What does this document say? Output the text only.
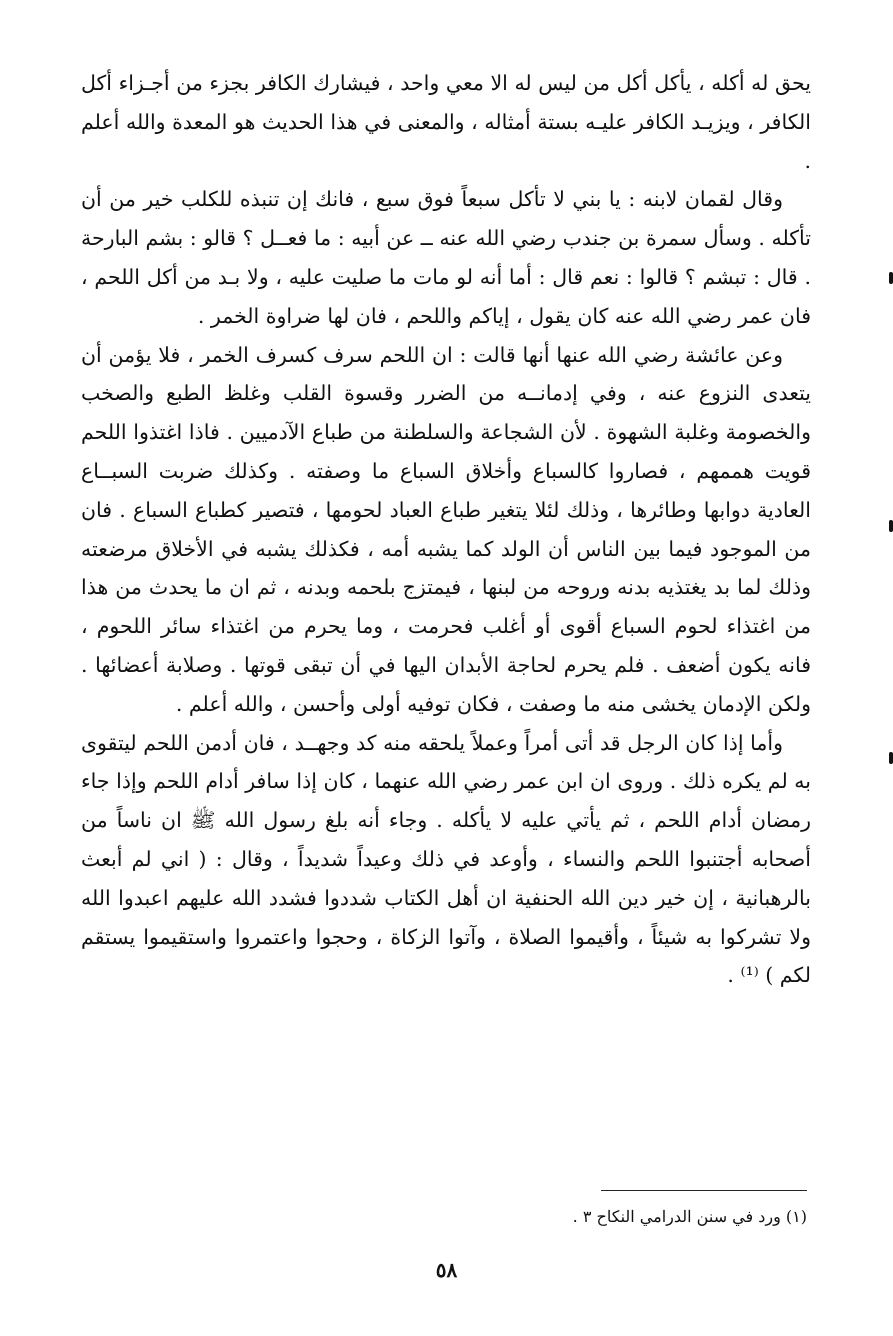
يحق له أكله ، يأكل أكل من ليس له الا معي واحد ، فيشارك الكافر بجزء من أجـزاء أكل الكافر ، ويزيـد الكافر عليـه بستة أمثاله ، والمعنى في هذا الحديث هو المعدة والله أعلم .

وقال لقمان لابنه : يا بني لا تأكل سبعاً فوق سبع ، فانك إن تنبذه للكلب خير من أن تأكله . وسأل سمرة بن جندب رضي الله عنه ــ عن أبيه : ما فعــل ؟ قالو : بشم البارحة . قال : تبشم ؟ قالوا : نعم قال : أما أنه لو مات ما صليت عليه ، ولا بـد من أكل اللحم ، فان عمر رضي الله عنه كان يقول ، إياكم واللحم ، فان لها ضراوة الخمر .

وعن عائشة رضي الله عنها أنها قالت : ان اللحم سرف كسرف الخمر ، فلا يؤمن أن يتعدى النزوع عنه ، وفي إدمانــه من الضرر وقسوة القلب وغلظ الطبع والصخب والخصومة وغلبة الشهوة . لأن الشجاعة والسلطنة من طباع الآدميين . فاذا اغتذوا اللحم قويت هممهم ، فصاروا كالسباع وأخلاق السباع ما وصفته . وكذلك ضربت السبــاع العادية دوابها وطائرها ، وذلك لئلا يتغير طباع العباد لحومها ، فتصير كطباع السباع . فان من الموجود فيما بين الناس أن الولد كما يشبه أمه ، فكذلك يشبه في الأخلاق مرضعته وذلك لما بد يغتذيه بدنه وروحه من لبنها ، فيمتزج بلحمه وبدنه ، ثم ان ما يحدث من هذا من اغتذاء لحوم السباع أقوى أو أغلب فحرمت ، وما يحرم من اغتذاء سائر اللحوم ، فانه يكون أضعف . فلم يحرم لحاجة الأبدان اليها في أن تبقى قوتها . وصلابة أعضائها . ولكن الإدمان يخشى منه ما وصفت ، فكان توفيه أولى وأحسن ، والله أعلم .

وأما إذا كان الرجل قد أتى أمراً وعملاً يلحقه منه كد وجهــد ، فان أدمن اللحم ليتقوى به لم يكره ذلك . وروى ان ابن عمر رضي الله عنهما ، كان إذا سافر أدام اللحم وإذا جاء رمضان أدام اللحم ، ثم يأتي عليه لا يأكله . وجاء أنه بلغ رسول الله ﷺ ان ناساً من أصحابه أجتنبوا اللحم والنساء ، وأوعد في ذلك وعيداً شديداً ، وقال : ( اني لم أبعث بالرهبانية ، إن خير دين الله الحنفية ان أهل الكتاب شددوا فشدد الله عليهم اعبدوا الله ولا تشركوا به شيئاً ، وأقيموا الصلاة ، وآتوا الزكاة ، وحجوا واعتمروا واستقيموا يستقم لكم ) ⁽¹⁾ .

(١) ورد في سنن الدرامي النكاح ٣ .
٥٨
